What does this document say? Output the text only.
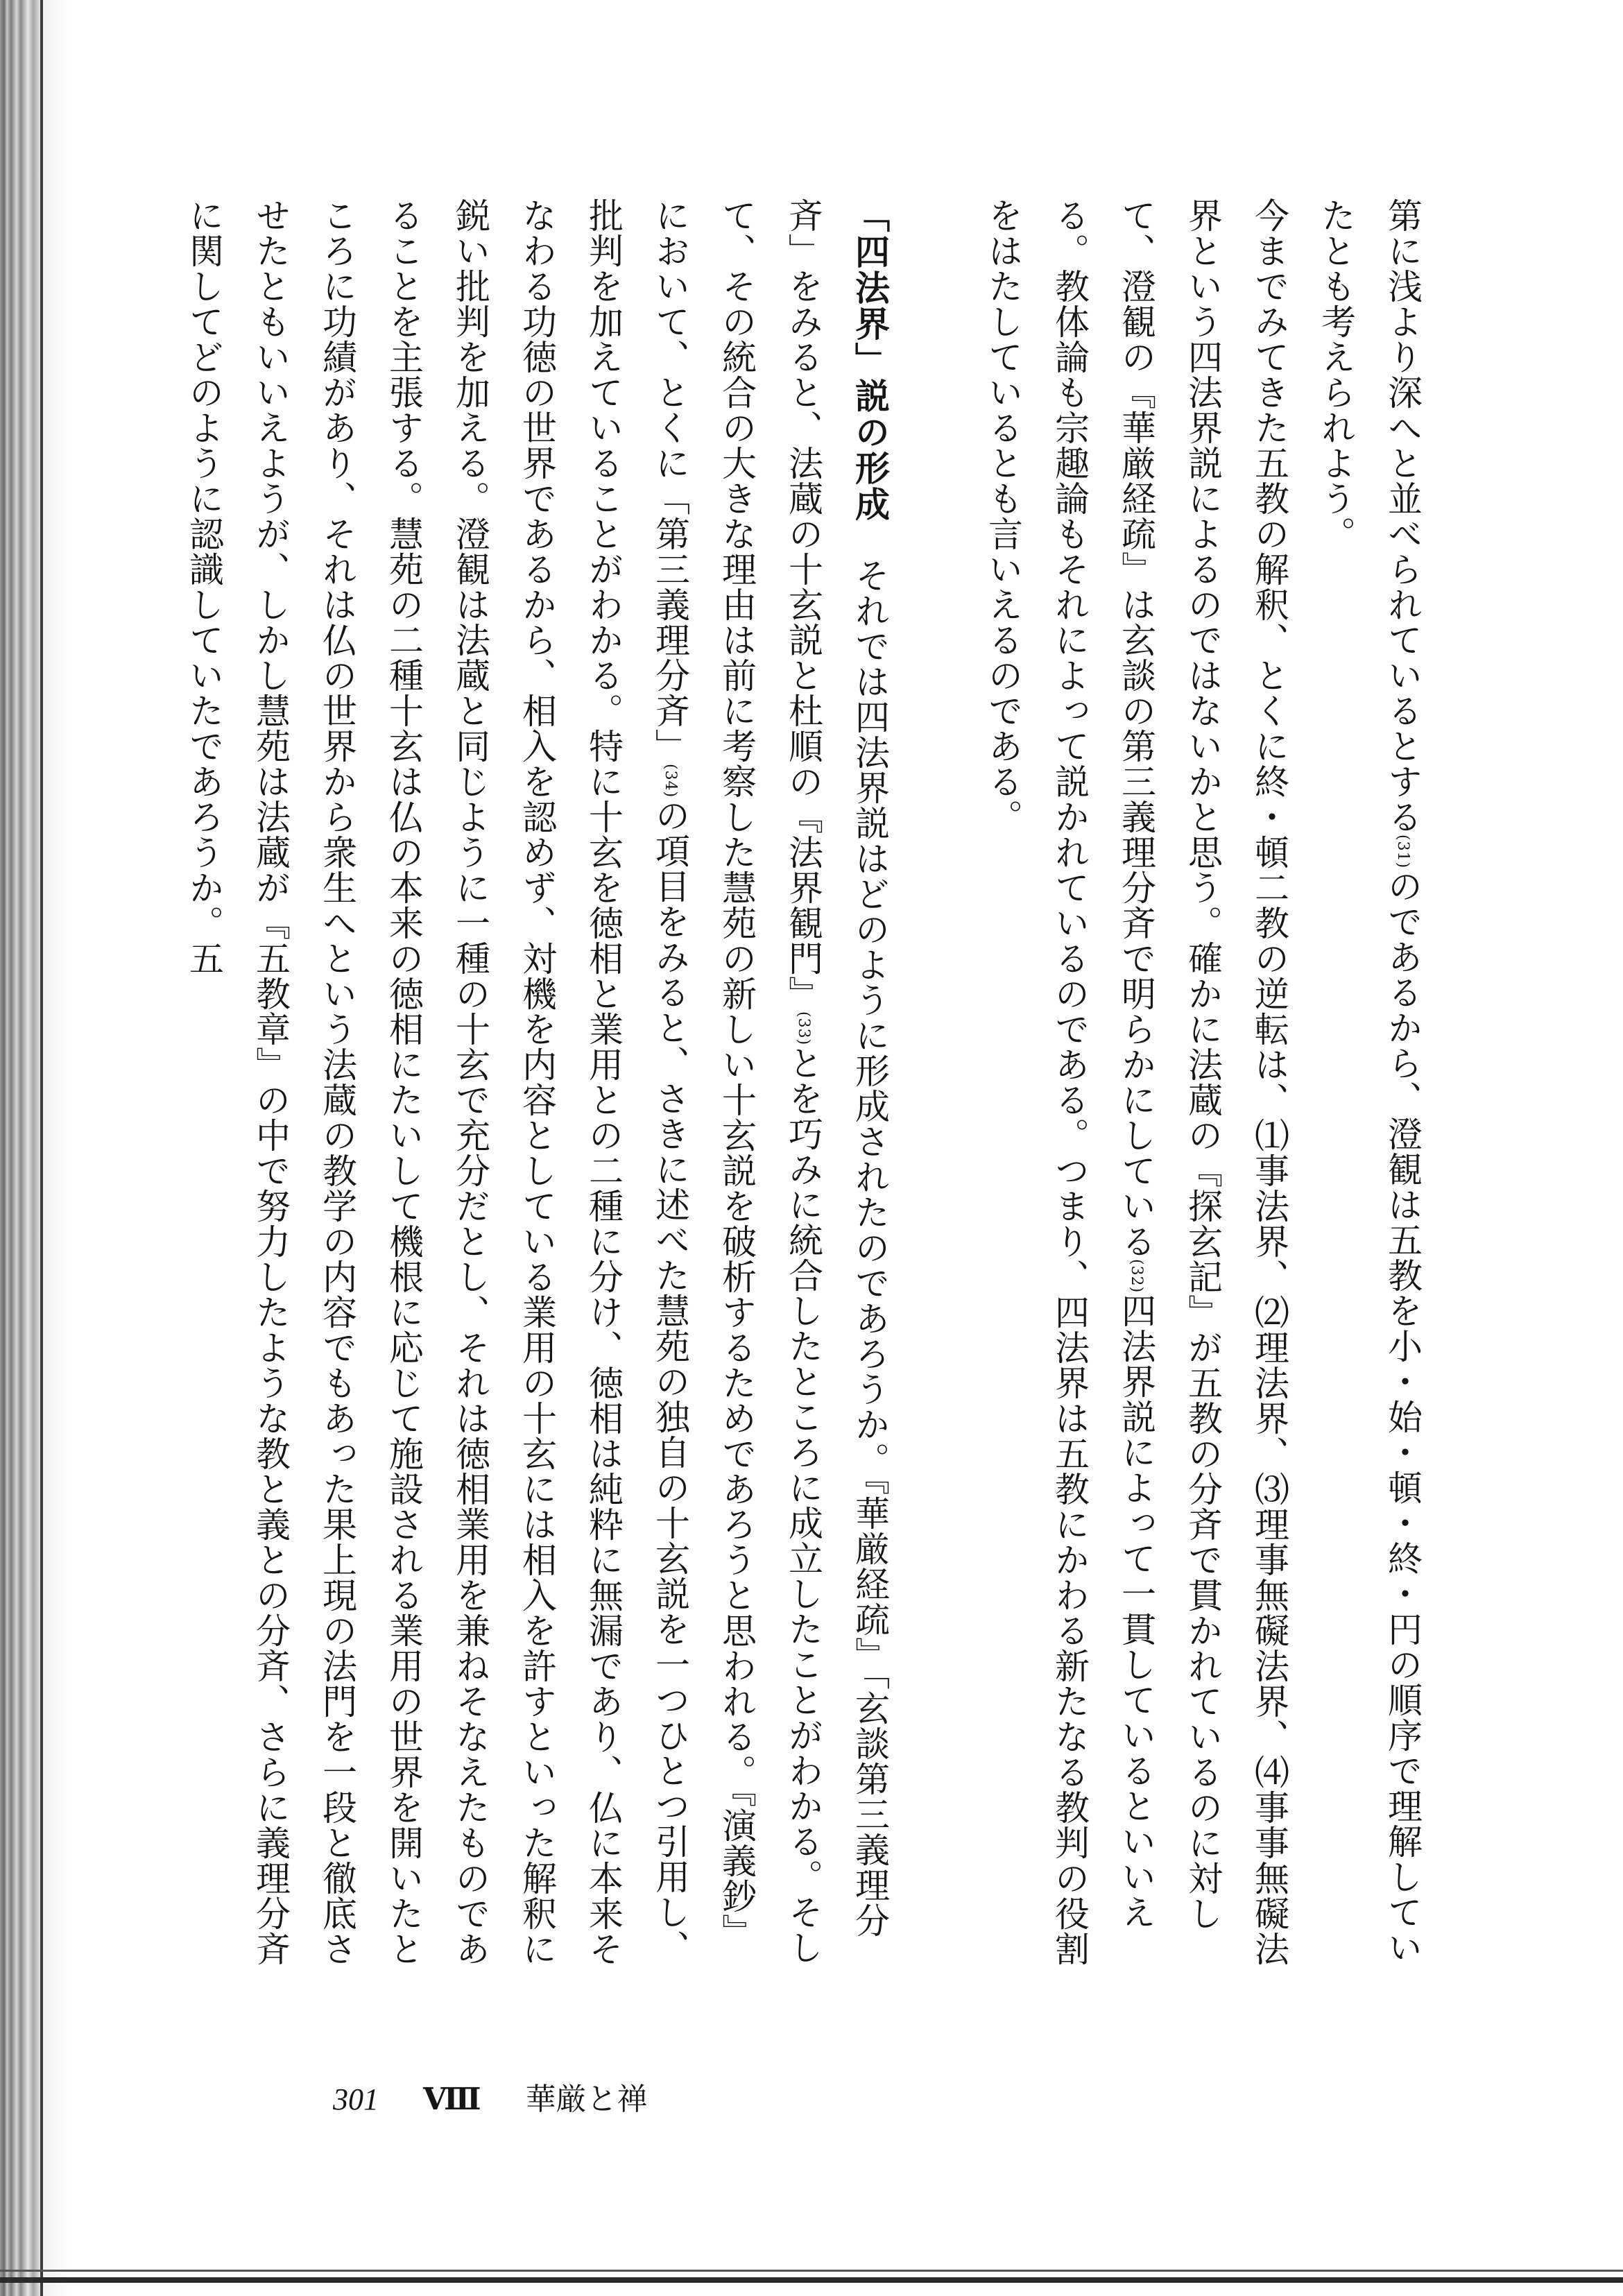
第に浅より深へと並べられているとする(31)のであるから、澄観は五教を小・始・頓・終・円の順序で理解していたとも考えられよう。

今までみてきた五教の解釈、とくに終・頓二教の逆転は、⑴事法界、⑵理法界、⑶理事無礙法界、⑷事事無礙法界という四法界説によるのではないかと思う。確かに法蔵の『探玄記』が五教の分斉で貫かれているのに対して、澄観の『華厳経疏』は玄談の第三義理分斉で明らかにしている(32)四法界説によって一貫しているといいえる。教体論も宗趣論もそれによって説かれているのである。つまり、四法界は五教にかわる新たなる教判の役割をはたしているとも言いえるのである。

「四法界」説の形成　それでは四法界説はどのように形成されたのであろうか。『華厳経疏』「玄談第三義理分斉」をみると、法蔵の十玄説と杜順の『法界観門』(33)とを巧みに統合したところに成立したことがわかる。そして、その統合の大きな理由は前に考察した慧苑の新しい十玄説を破析するためであろうと思われる。『演義鈔』において、とくに「第三義理分斉」(34)の項目をみると、さきに述べた慧苑の独自の十玄説を一つひとつ引用し、批判を加えていることがわかる。特に十玄を徳相と業用との二種に分け、徳相は純粋に無漏であり、仏に本来そなわる功徳の世界であるから、相入を認めず、対機を内容としている業用の十玄には相入を許すといった解釈に鋭い批判を加える。澄観は法蔵と同じように一種の十玄で充分だとし、それは徳相業用を兼ねそなえたものであることを主張する。慧苑の二種十玄は仏の本来の徳相にたいして機根に応じて施設される業用の世界を開いたところに功績があり、それは仏の世界から衆生へという法蔵の教学の内容でもあった果上現の法門を一段と徹底させたともいいえようが、しかし慧苑は法蔵が『五教章』の中で努力したような教と義との分斉、さらに義理分斉に関してどのように認識していたであろうか。五

301 Ⅷ 華厳と禅
